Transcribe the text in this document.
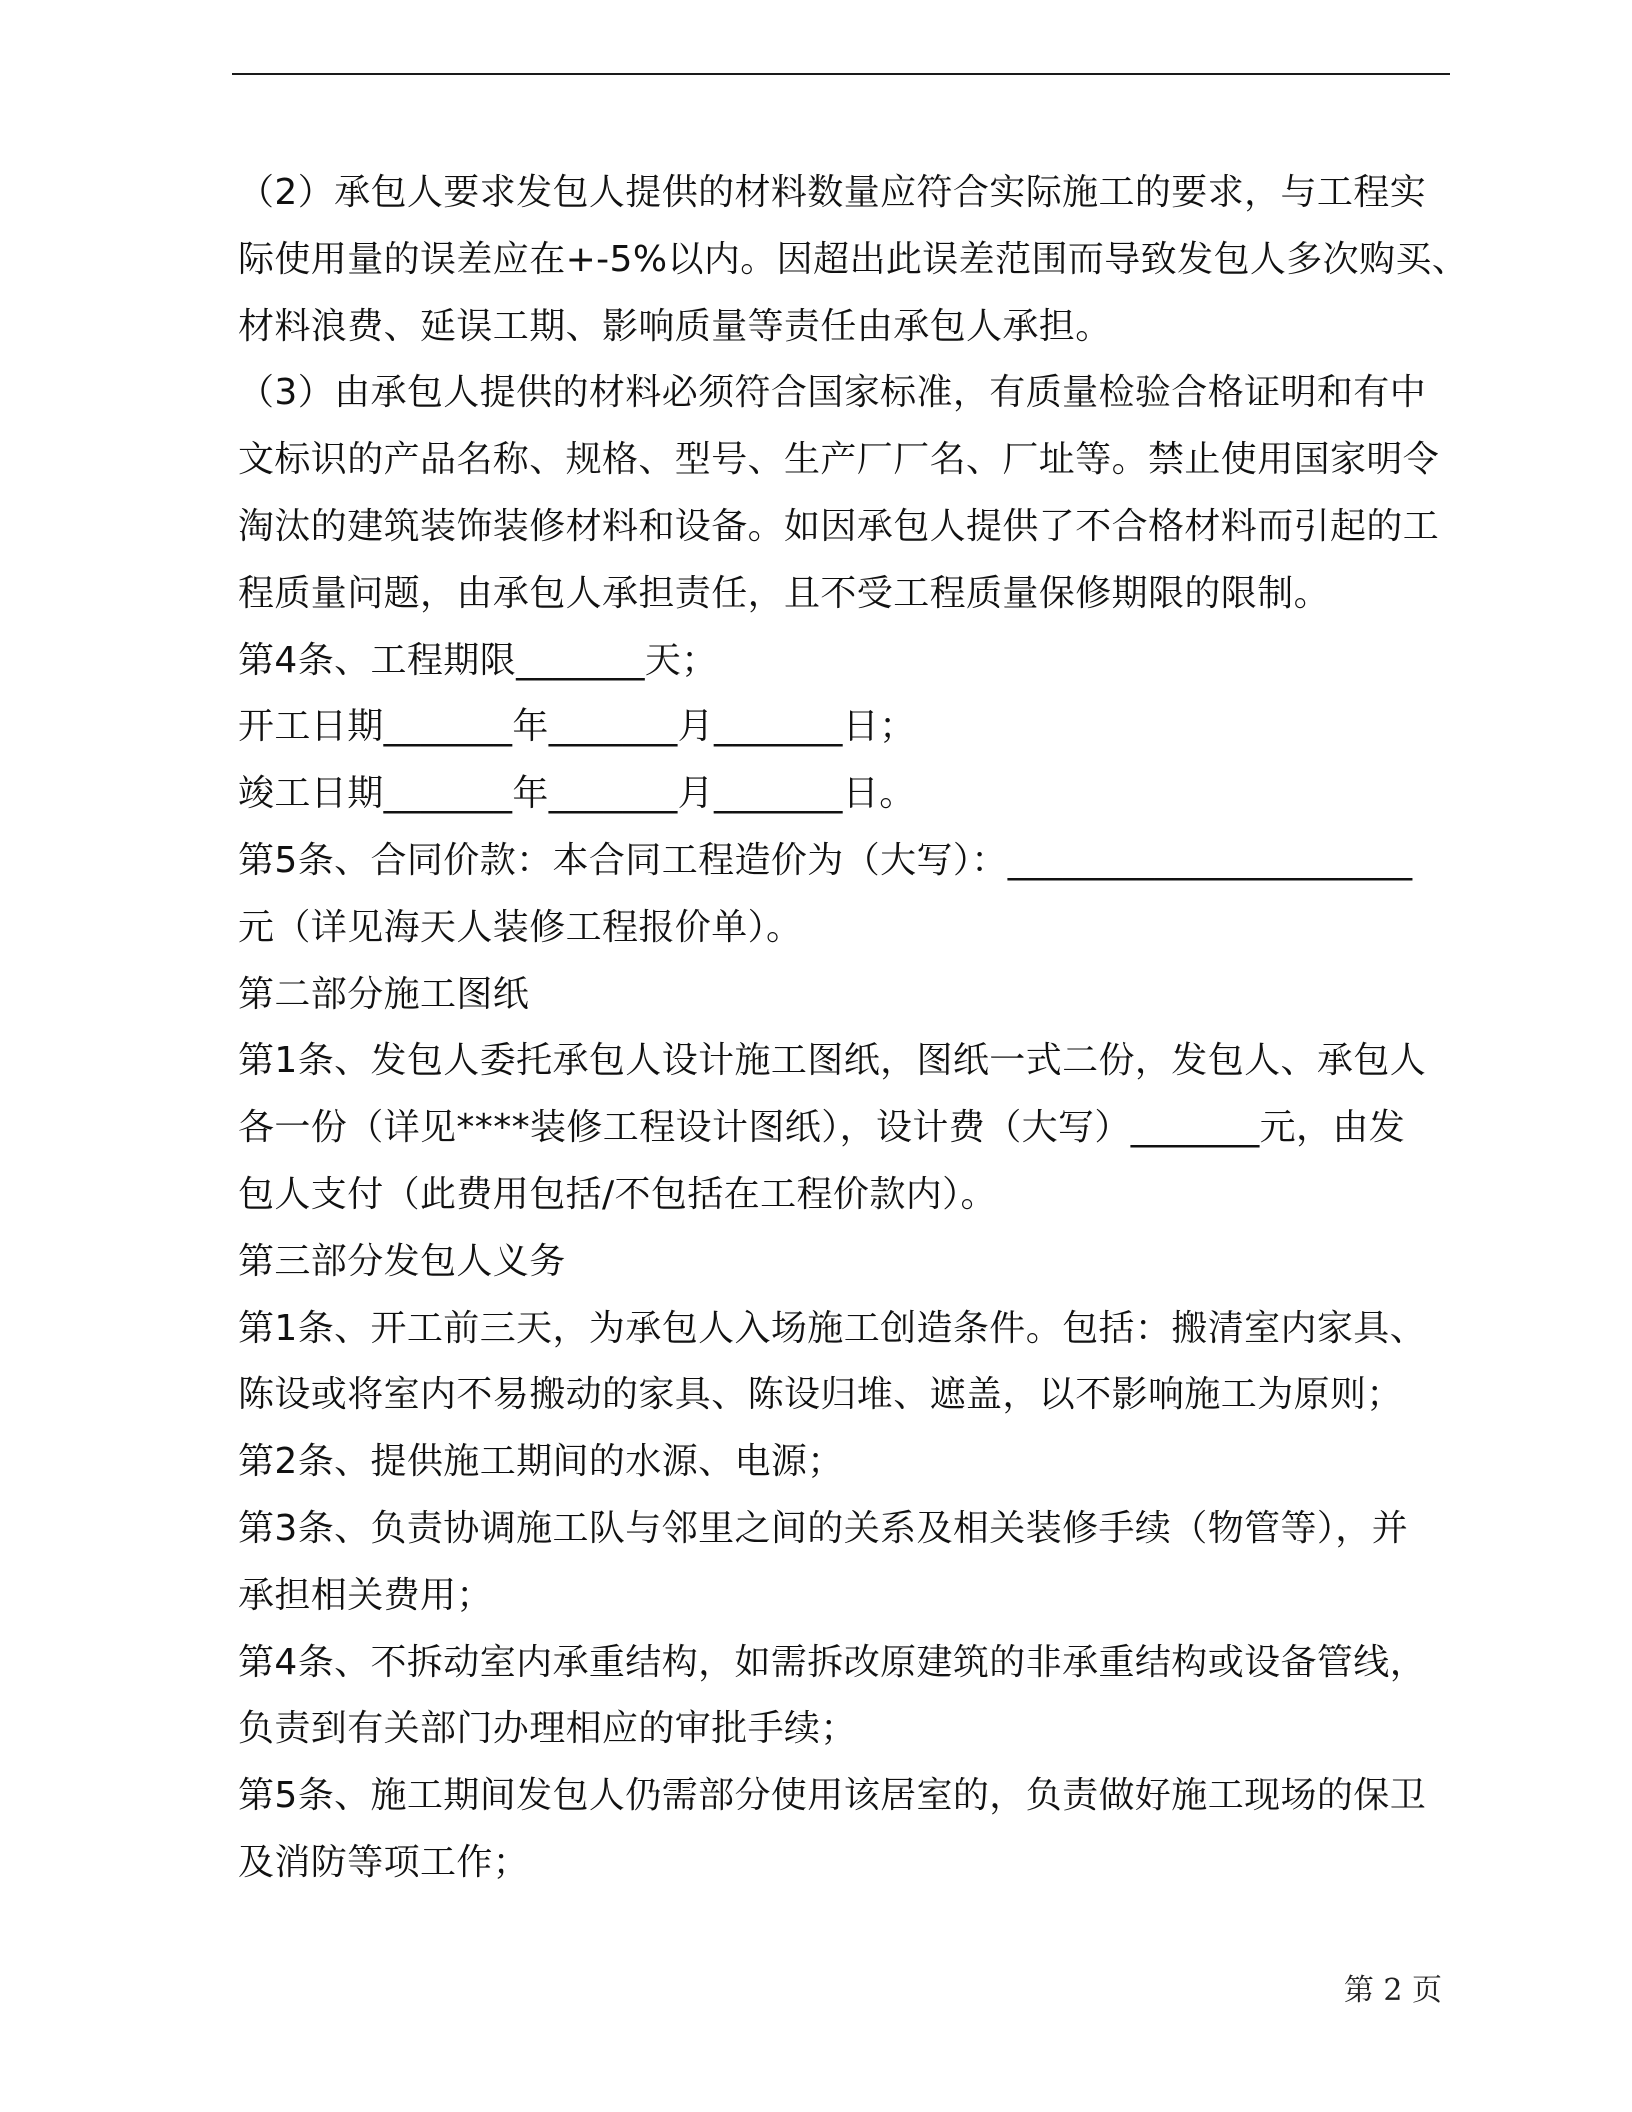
（2）承包人要求发包人提供的材料数量应符合实际施工的要求，与工程实
际使用量的误差应在+-5%以内。因超出此误差范围而导致发包人多次购买、
材料浪费、延误工期、影响质量等责任由承包人承担。
（3）由承包人提供的材料必须符合国家标准，有质量检验合格证明和有中
文标识的产品名称、规格、型号、生产厂厂名、厂址等。禁止使用国家明令
淘汰的建筑装饰装修材料和设备。如因承包人提供了不合格材料而引起的工
程质量问题，由承包人承担责任，且不受工程质量保修期限的限制。
第4条、工程期限_______天；
开工日期_______年_______月_______日；
竣工日期_______年_______月_______日。
第5条、合同价款：本合同工程造价为（大写）：______________________
元（详见海天人装修工程报价单）。
第二部分施工图纸
第1条、发包人委托承包人设计施工图纸，图纸一式二份，发包人、承包人
各一份（详见****装修工程设计图纸），设计费（大写）_______元，由发
包人支付（此费用包括/不包括在工程价款内）。
第三部分发包人义务
第1条、开工前三天，为承包人入场施工创造条件。包括：搬清室内家具、
陈设或将室内不易搬动的家具、陈设归堆、遮盖，以不影响施工为原则；
第2条、提供施工期间的水源、电源；
第3条、负责协调施工队与邻里之间的关系及相关装修手续（物管等），并
承担相关费用；
第4条、不拆动室内承重结构，如需拆改原建筑的非承重结构或设备管线，
负责到有关部门办理相应的审批手续；
第5条、施工期间发包人仍需部分使用该居室的，负责做好施工现场的保卫
及消防等项工作；
第 2 页
